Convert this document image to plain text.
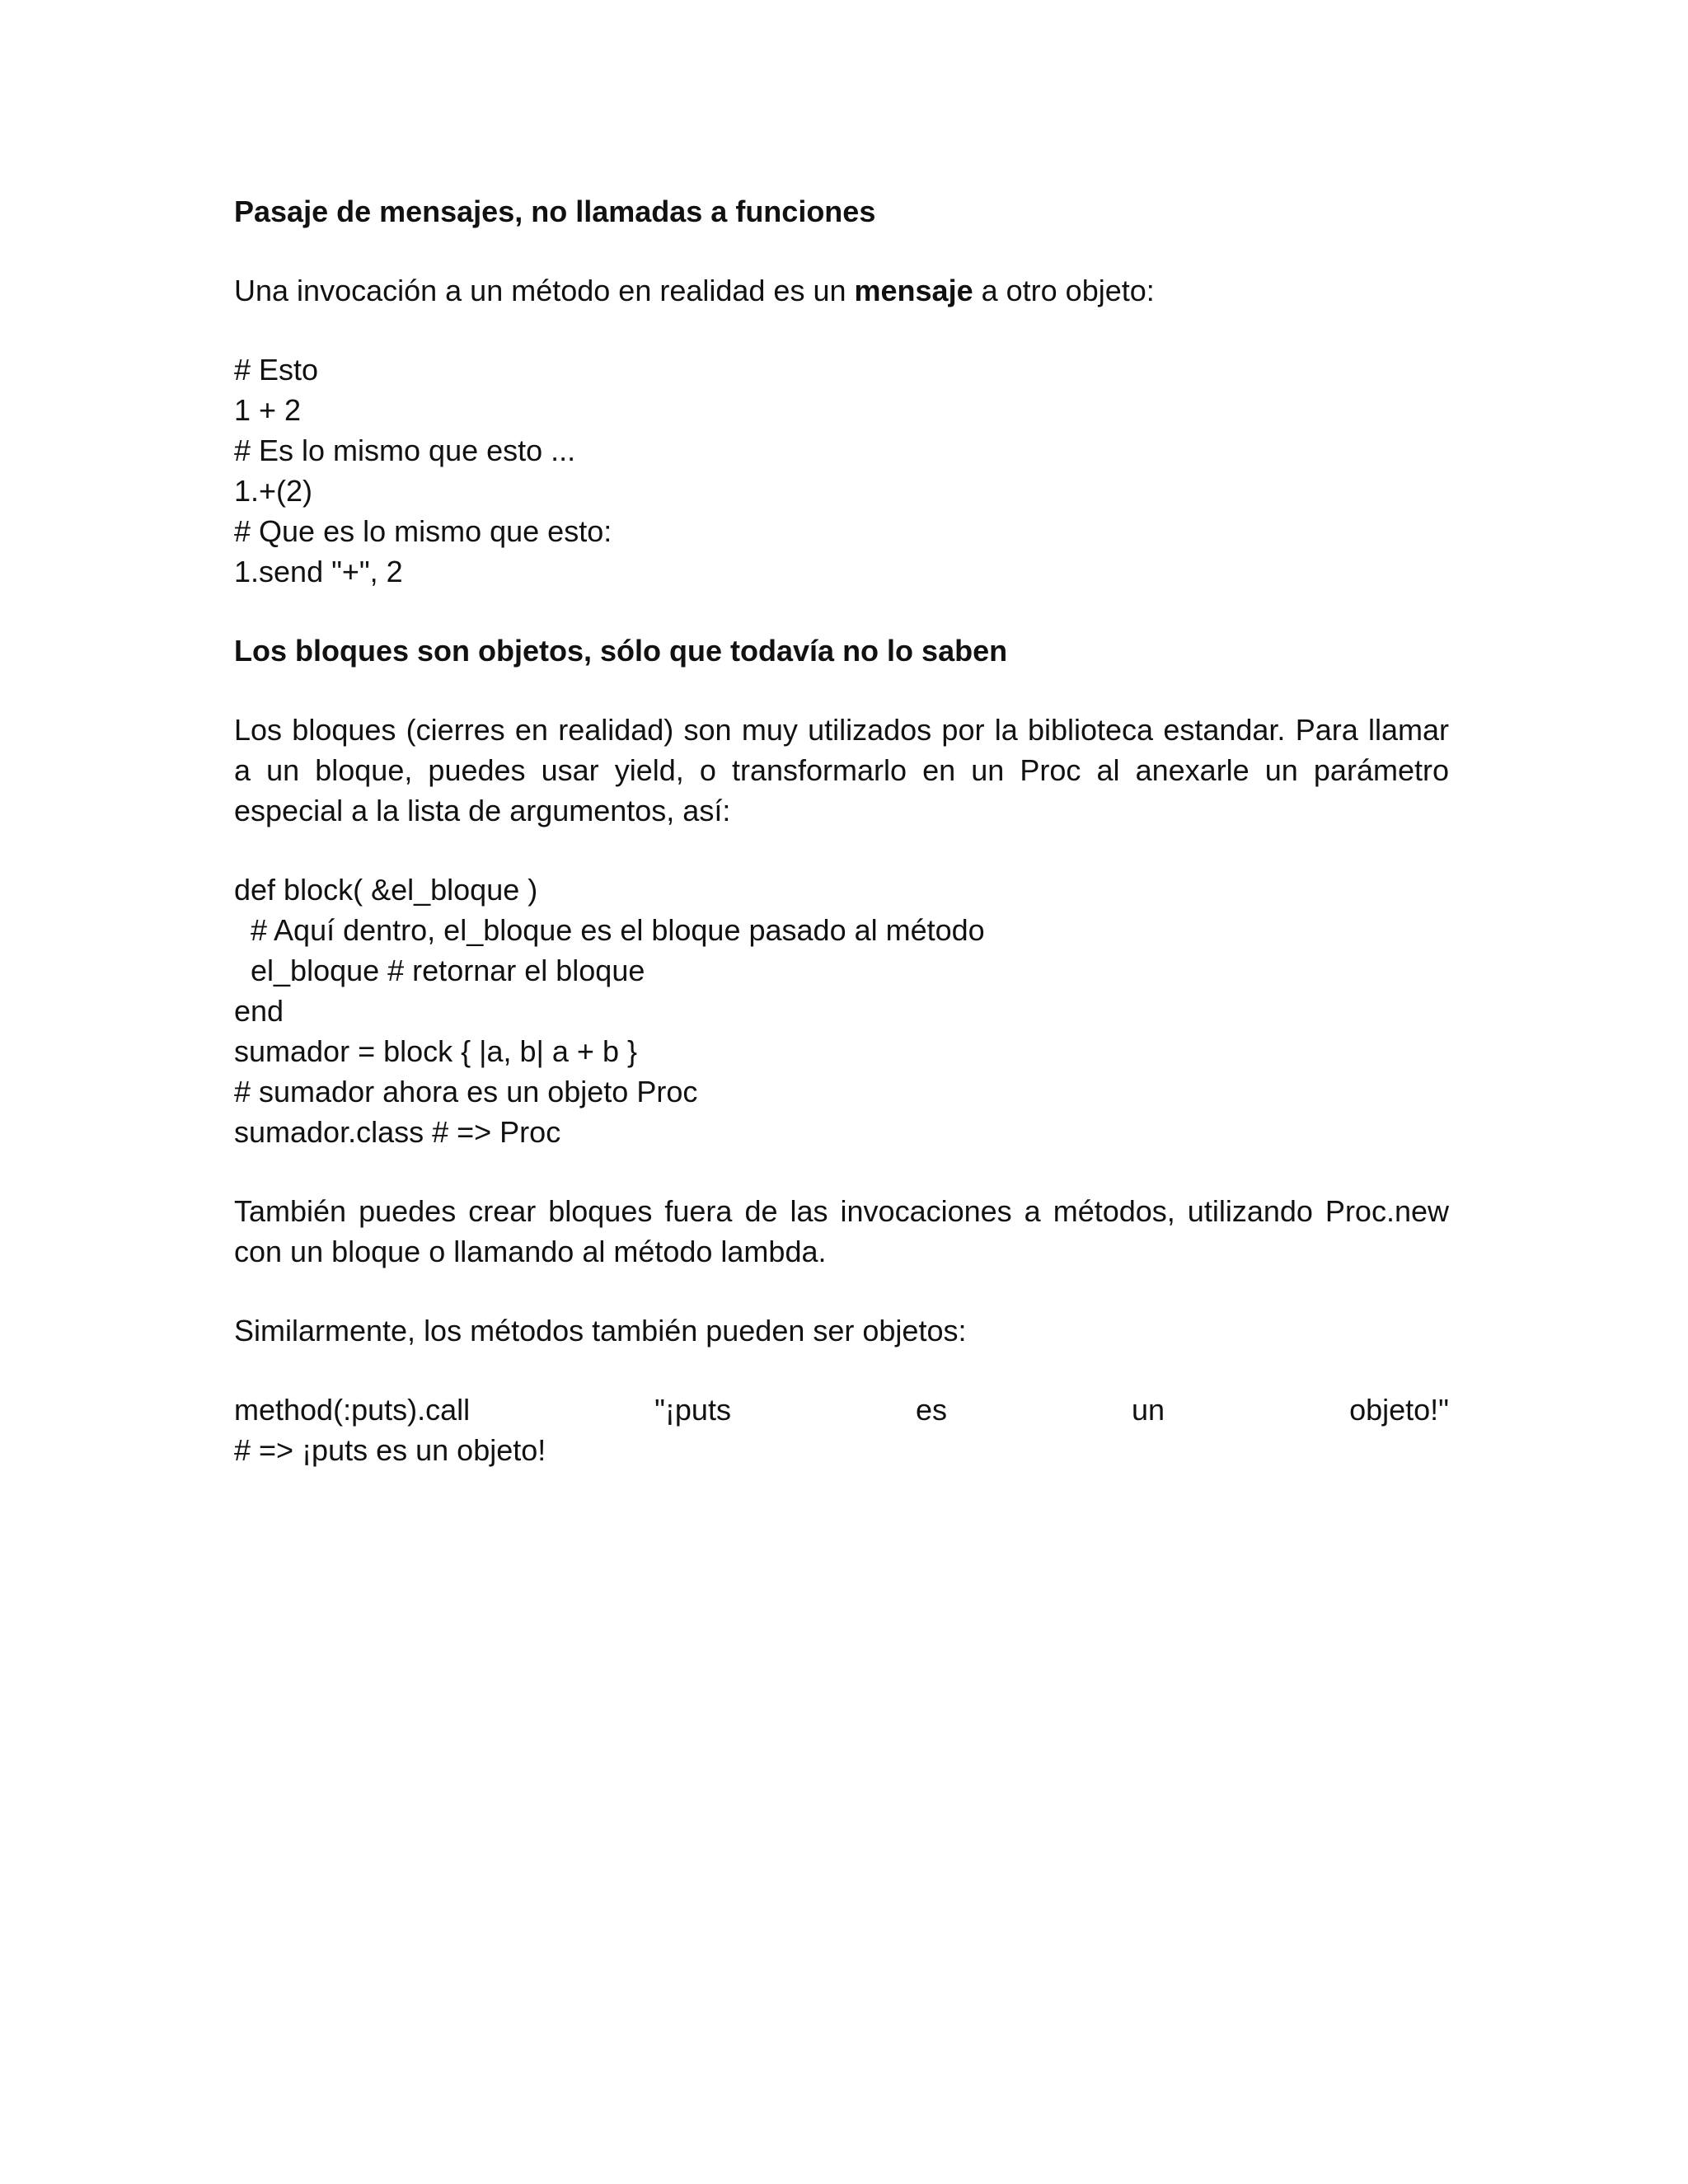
Pasaje de mensajes, no llamadas a funciones

Una invocación a un método en realidad es un mensaje a otro objeto:

# Esto

1 + 2

# Es lo mismo que esto ...

1.+(2)

# Que es lo mismo que esto:

1.send "+", 2

Los bloques son objetos, sólo que todavía no lo saben

Los bloques (cierres en realidad) son muy utilizados por la biblioteca estandar. Para llamar a un bloque, puedes usar yield, o transformarlo en un Proc al anexarle un parámetro especial a la lista de argumentos, así:

def block( &el_bloque )

# Aquí dentro, el_bloque es el bloque pasado al método

el_bloque # retornar el bloque

end

sumador = block { |a, b| a + b }

# sumador ahora es un objeto Proc

sumador.class # => Proc

También puedes crear bloques fuera de las invocaciones a métodos, utilizando Proc.new con un bloque o llamando al método lambda.

Similarmente, los métodos también pueden ser objetos:

method(:puts).call	"¡puts	es	un	objeto!"

# => ¡puts es un objeto!
